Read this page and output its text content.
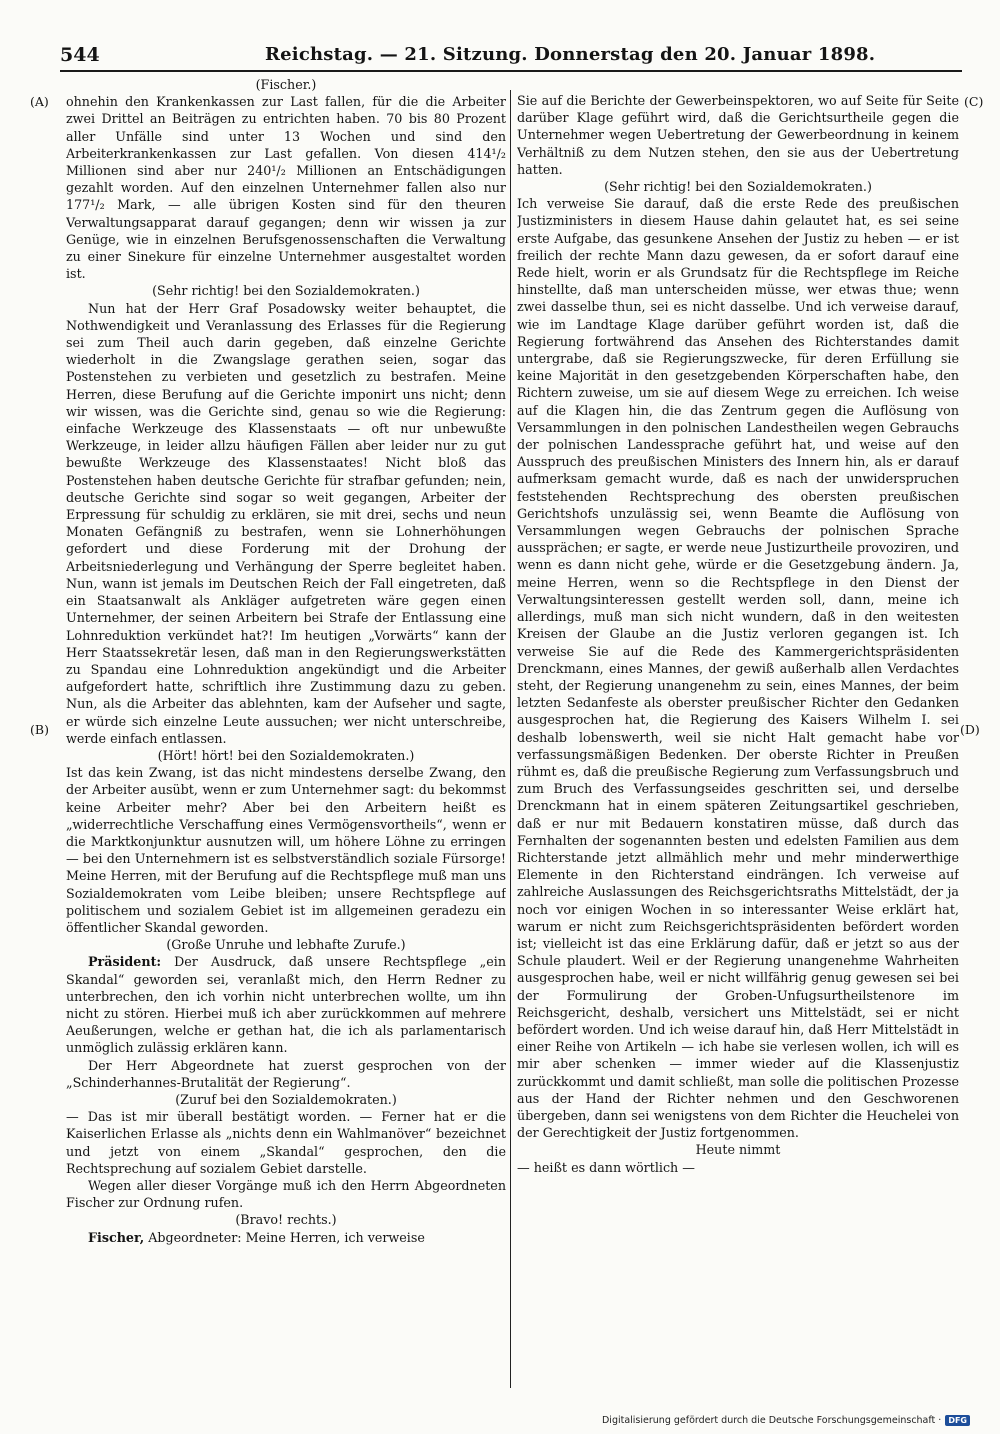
544	Reichstag. — 21. Sitzung. Donnerstag den 20. Januar 1898.
(A)
(B)
(C)
(D)

(Fischer.)

ohnehin den Krankenkassen zur Last fallen, für die die Arbeiter zwei Drittel an Beiträgen zu entrichten haben. 70 bis 80 Prozent aller Unfälle sind unter 13 Wochen und sind den Arbeiterkrankenkassen zur Last gefallen. Von diesen 414¹/₂ Millionen sind aber nur 240¹/₂ Millionen an Entschädigungen gezahlt worden. Auf den einzelnen Unternehmer fallen also nur 177¹/₂ Mark, — alle übrigen Kosten sind für den theuren Verwaltungsapparat darauf gegangen; denn wir wissen ja zur Genüge, wie in einzelnen Berufsgenossenschaften die Verwaltung zu einer Sinekure für einzelne Unternehmer ausgestaltet worden ist.

(Sehr richtig! bei den Sozialdemokraten.)

Nun hat der Herr Graf Posadowsky weiter behauptet, die Nothwendigkeit und Veranlassung des Erlasses für die Regierung sei zum Theil auch darin gegeben, daß einzelne Gerichte wiederholt in die Zwangslage gerathen seien, sogar das Postenstehen zu verbieten und gesetzlich zu bestrafen. Meine Herren, diese Berufung auf die Gerichte imponirt uns nicht; denn wir wissen, was die Gerichte sind, genau so wie die Regierung: einfache Werkzeuge des Klassenstaats — oft nur unbewußte Werkzeuge, in leider allzu häufigen Fällen aber leider nur zu gut bewußte Werkzeuge des Klassenstaates! Nicht bloß das Postenstehen haben deutsche Gerichte für strafbar gefunden; nein, deutsche Gerichte sind sogar so weit gegangen, Arbeiter der Erpressung für schuldig zu erklären, sie mit drei, sechs und neun Monaten Gefängniß zu bestrafen, wenn sie Lohnerhöhungen gefordert und diese Forderung mit der Drohung der Arbeitsniederlegung und Verhängung der Sperre begleitet haben. Nun, wann ist jemals im Deutschen Reich der Fall eingetreten, daß ein Staatsanwalt als Ankläger aufgetreten wäre gegen einen Unternehmer, der seinen Arbeitern bei Strafe der Entlassung eine Lohnreduktion verkündet hat?! Im heutigen „Vorwärts“ kann der Herr Staatssekretär lesen, daß man in den Regierungswerkstätten zu Spandau eine Lohnreduktion angekündigt und die Arbeiter aufgefordert hatte, schriftlich ihre Zustimmung dazu zu geben. Nun, als die Arbeiter das ablehnten, kam der Aufseher und sagte, er würde sich einzelne Leute aussuchen; wer nicht unterschreibe, werde einfach entlassen.

(Hört! hört! bei den Sozialdemokraten.)

Ist das kein Zwang, ist das nicht mindestens derselbe Zwang, den der Arbeiter ausübt, wenn er zum Unternehmer sagt: du bekommst keine Arbeiter mehr? Aber bei den Arbeitern heißt es „widerrechtliche Verschaffung eines Vermögensvortheils“, wenn er die Marktkonjunktur ausnutzen will, um höhere Löhne zu erringen — bei den Unternehmern ist es selbstverständlich soziale Fürsorge! Meine Herren, mit der Berufung auf die Rechtspflege muß man uns Sozialdemokraten vom Leibe bleiben; unsere Rechtspflege auf politischem und sozialem Gebiet ist im allgemeinen geradezu ein öffentlicher Skandal geworden.

(Große Unruhe und lebhafte Zurufe.)

Präsident: Der Ausdruck, daß unsere Rechtspflege „ein Skandal“ geworden sei, veranlaßt mich, den Herrn Redner zu unterbrechen, den ich vorhin nicht unterbrechen wollte, um ihn nicht zu stören. Hierbei muß ich aber zurückkommen auf mehrere Aeußerungen, welche er gethan hat, die ich als parlamentarisch unmöglich zulässig erklären kann.

Der Herr Abgeordnete hat zuerst gesprochen von der „Schinderhannes-Brutalität der Regierung“.

(Zuruf bei den Sozialdemokraten.)

— Das ist mir überall bestätigt worden. — Ferner hat er die Kaiserlichen Erlasse als „nichts denn ein Wahlmanöver“ bezeichnet und jetzt von einem „Skandal“ gesprochen, den die Rechtsprechung auf sozialem Gebiet darstelle.

Wegen aller dieser Vorgänge muß ich den Herrn Abgeordneten Fischer zur Ordnung rufen.

(Bravo! rechts.)

Fischer, Abgeordneter: Meine Herren, ich verweise

Sie auf die Berichte der Gewerbeinspektoren, wo auf Seite für Seite darüber Klage geführt wird, daß die Gerichtsurtheile gegen die Unternehmer wegen Uebertretung der Gewerbeordnung in keinem Verhältniß zu dem Nutzen stehen, den sie aus der Uebertretung hatten.

(Sehr richtig! bei den Sozialdemokraten.)

Ich verweise Sie darauf, daß die erste Rede des preußischen Justizministers in diesem Hause dahin gelautet hat, es sei seine erste Aufgabe, das gesunkene Ansehen der Justiz zu heben — er ist freilich der rechte Mann dazu gewesen, da er sofort darauf eine Rede hielt, worin er als Grundsatz für die Rechtspflege im Reiche hinstellte, daß man unterscheiden müsse, wer etwas thue; wenn zwei dasselbe thun, sei es nicht dasselbe. Und ich verweise darauf, wie im Landtage Klage darüber geführt worden ist, daß die Regierung fortwährend das Ansehen des Richterstandes damit untergrabe, daß sie Regierungszwecke, für deren Erfüllung sie keine Majorität in den gesetzgebenden Körperschaften habe, den Richtern zuweise, um sie auf diesem Wege zu erreichen. Ich weise auf die Klagen hin, die das Zentrum gegen die Auflösung von Versammlungen in den polnischen Landestheilen wegen Gebrauchs der polnischen Landessprache geführt hat, und weise auf den Ausspruch des preußischen Ministers des Innern hin, als er darauf aufmerksam gemacht wurde, daß es nach der unwiderspruchen feststehenden Rechtsprechung des obersten preußischen Gerichtshofs unzulässig sei, wenn Beamte die Auflösung von Versammlungen wegen Gebrauchs der polnischen Sprache aussprächen; er sagte, er werde neue Justizurtheile provoziren, und wenn es dann nicht gehe, würde er die Gesetzgebung ändern. Ja, meine Herren, wenn so die Rechtspflege in den Dienst der Verwaltungsinteressen gestellt werden soll, dann, meine ich allerdings, muß man sich nicht wundern, daß in den weitesten Kreisen der Glaube an die Justiz verloren gegangen ist. Ich verweise Sie auf die Rede des Kammergerichtspräsidenten Drenckmann, eines Mannes, der gewiß außerhalb allen Verdachtes steht, der Regierung unangenehm zu sein, eines Mannes, der beim letzten Sedanfeste als oberster preußischer Richter den Gedanken ausgesprochen hat, die Regierung des Kaisers Wilhelm I. sei deshalb lobenswerth, weil sie nicht Halt gemacht habe vor verfassungsmäßigen Bedenken. Der oberste Richter in Preußen rühmt es, daß die preußische Regierung zum Verfassungsbruch und zum Bruch des Verfassungseides geschritten sei, und derselbe Drenckmann hat in einem späteren Zeitungsartikel geschrieben, daß er nur mit Bedauern konstatiren müsse, daß durch das Fernhalten der sogenannten besten und edelsten Familien aus dem Richterstande jetzt allmählich mehr und mehr minderwerthige Elemente in den Richterstand eindrängen. Ich verweise auf zahlreiche Auslassungen des Reichsgerichtsraths Mittelstädt, der ja noch vor einigen Wochen in so interessanter Weise erklärt hat, warum er nicht zum Reichsgerichtspräsidenten befördert worden ist; vielleicht ist das eine Erklärung dafür, daß er jetzt so aus der Schule plaudert. Weil er der Regierung unangenehme Wahrheiten ausgesprochen habe, weil er nicht willfährig genug gewesen sei bei der Formulirung der Groben-Unfugsurtheilstenore im Reichsgericht, deshalb, versichert uns Mittelstädt, sei er nicht befördert worden. Und ich weise darauf hin, daß Herr Mittelstädt in einer Reihe von Artikeln — ich habe sie verlesen wollen, ich will es mir aber schenken — immer wieder auf die Klassenjustiz zurückkommt und damit schließt, man solle die politischen Prozesse aus der Hand der Richter nehmen und den Geschworenen übergeben, dann sei wenigstens von dem Richter die Heuchelei von der Gerechtigkeit der Justiz fortgenommen.

Heute nimmt

— heißt es dann wörtlich —

Digitalisierung gefördert durch die Deutsche Forschungsgemeinschaft · DFG
